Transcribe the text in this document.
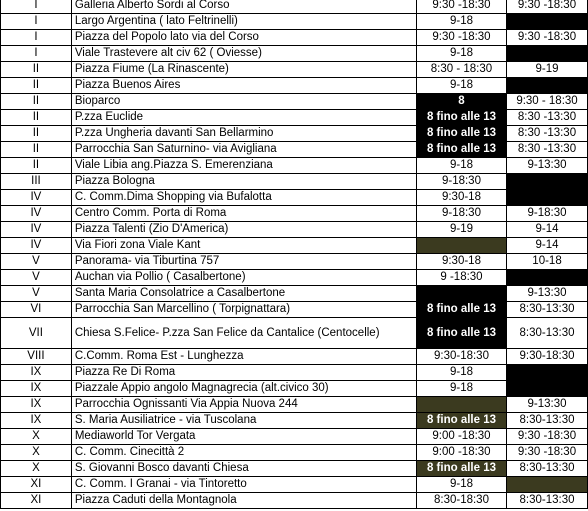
I	Galleria Alberto Sordi al Corso	9:30 -18:30	9:30 -18:30
I	Largo Argentina ( lato Feltrinelli)	9-18	
I	Piazza del Popolo lato via del Corso	9:30 -18:30	9:30 -18:30
I	Viale Trastevere alt civ 62 ( Oviesse)	9-18	
II	Piazza Fiume (La Rinascente)	8:30 - 18:30	9-19
II	Piazza Buenos Aires	9-18	
II	Bioparco	8	9:30 - 18:30
II	P.zza Euclide	8 fino alle 13	8:30 -13:30
II	P.zza Ungheria davanti San Bellarmino	8 fino alle 13	8:30 -13:30
II	Parrocchia San Saturnino- via Avigliana	8 fino alle 13	8:30 -13:30
II	Viale Libia ang.Piazza S. Emerenziana	9-18	9-13:30
III	Piazza Bologna	9-18:30	
IV	C. Comm.Dima Shopping via Bufalotta	9:30-18	
IV	Centro Comm. Porta di Roma	9-18:30	9-18:30
IV	Piazza Talenti (Zio D'America)	9-19	9-14
IV	Via Fiori zona Viale Kant		9-14
V	Panorama- via Tiburtina 757	9:30-18	10-18
V	Auchan via Pollio ( Casalbertone)	9 -18:30	
V	Santa Maria Consolatrice a Casalbertone		9-13:30
VI	Parrocchia San Marcellino ( Torpignattara)	8 fino alle 13	8:30-13:30
VII	Chiesa S.Felice- P.zza San Felice da Cantalice (Centocelle)	8 fino alle 13	8:30-13:30
VIII	C.Comm. Roma Est - Lunghezza	9:30-18:30	9:30-18:30
IX	Piazza Re Di Roma	9-18	
IX	Piazzale Appio angolo Magnagrecia (alt.civico 30)	9-18	
IX	Parrocchia Ognissanti Via Appia Nuova 244		9-13:30
IX	S. Maria Ausiliatrice - via Tuscolana	8 fino alle 13	8:30-13:30
X	Mediaworld Tor Vergata	9:00 -18:30	9:30 -18:30
X	C. Comm. Cinecittà 2	9:00 -18:30	9:30 -18:30
X	S. Giovanni Bosco davanti Chiesa	8 fino alle 13	8:30-13:30
XI	C. Comm. I Granai - via Tintoretto	9-18	
XI	Piazza Caduti della Montagnola	8:30-18:30	8:30-13:30
